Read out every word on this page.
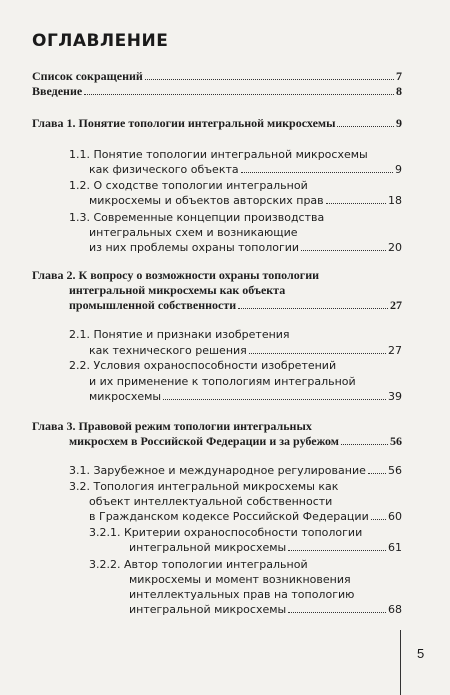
ОГЛАВЛЕНИЕ
Список сокращений	7
Введение	8
Глава 1. Понятие топологии интегральной микросхемы	9
1.1. Понятие топологии интегральной микросхемы
как физического объекта	9
1.2. О сходстве топологии интегральной
микросхемы и объектов авторских прав	18
1.3. Современные концепции производства
интегральных схем и возникающие
из них проблемы охраны топологии	20
Глава 2. К вопросу о возможности охраны топологии
интегральной микросхемы как объекта
промышленной собственности	27
2.1. Понятие и признаки изобретения
как технического решения	27
2.2. Условия охраноспособности изобретений
и их применение к топологиям интегральной
микросхемы	39
Глава 3. Правовой режим топологии интегральных
микросхем в Российской Федерации и за рубежом	56
3.1. Зарубежное и международное регулирование 56
3.2. Топология интегральной микросхемы как
объект интеллектуальной собственности
в Гражданском кодексе Российской Федерации 60
3.2.1. Критерии охраноспособности топологии
интегральной микросхемы	61
3.2.2. Автор топологии интегральной
микросхемы и момент возникновения
интеллектуальных прав на топологию
интегральной микросхемы	68
5
